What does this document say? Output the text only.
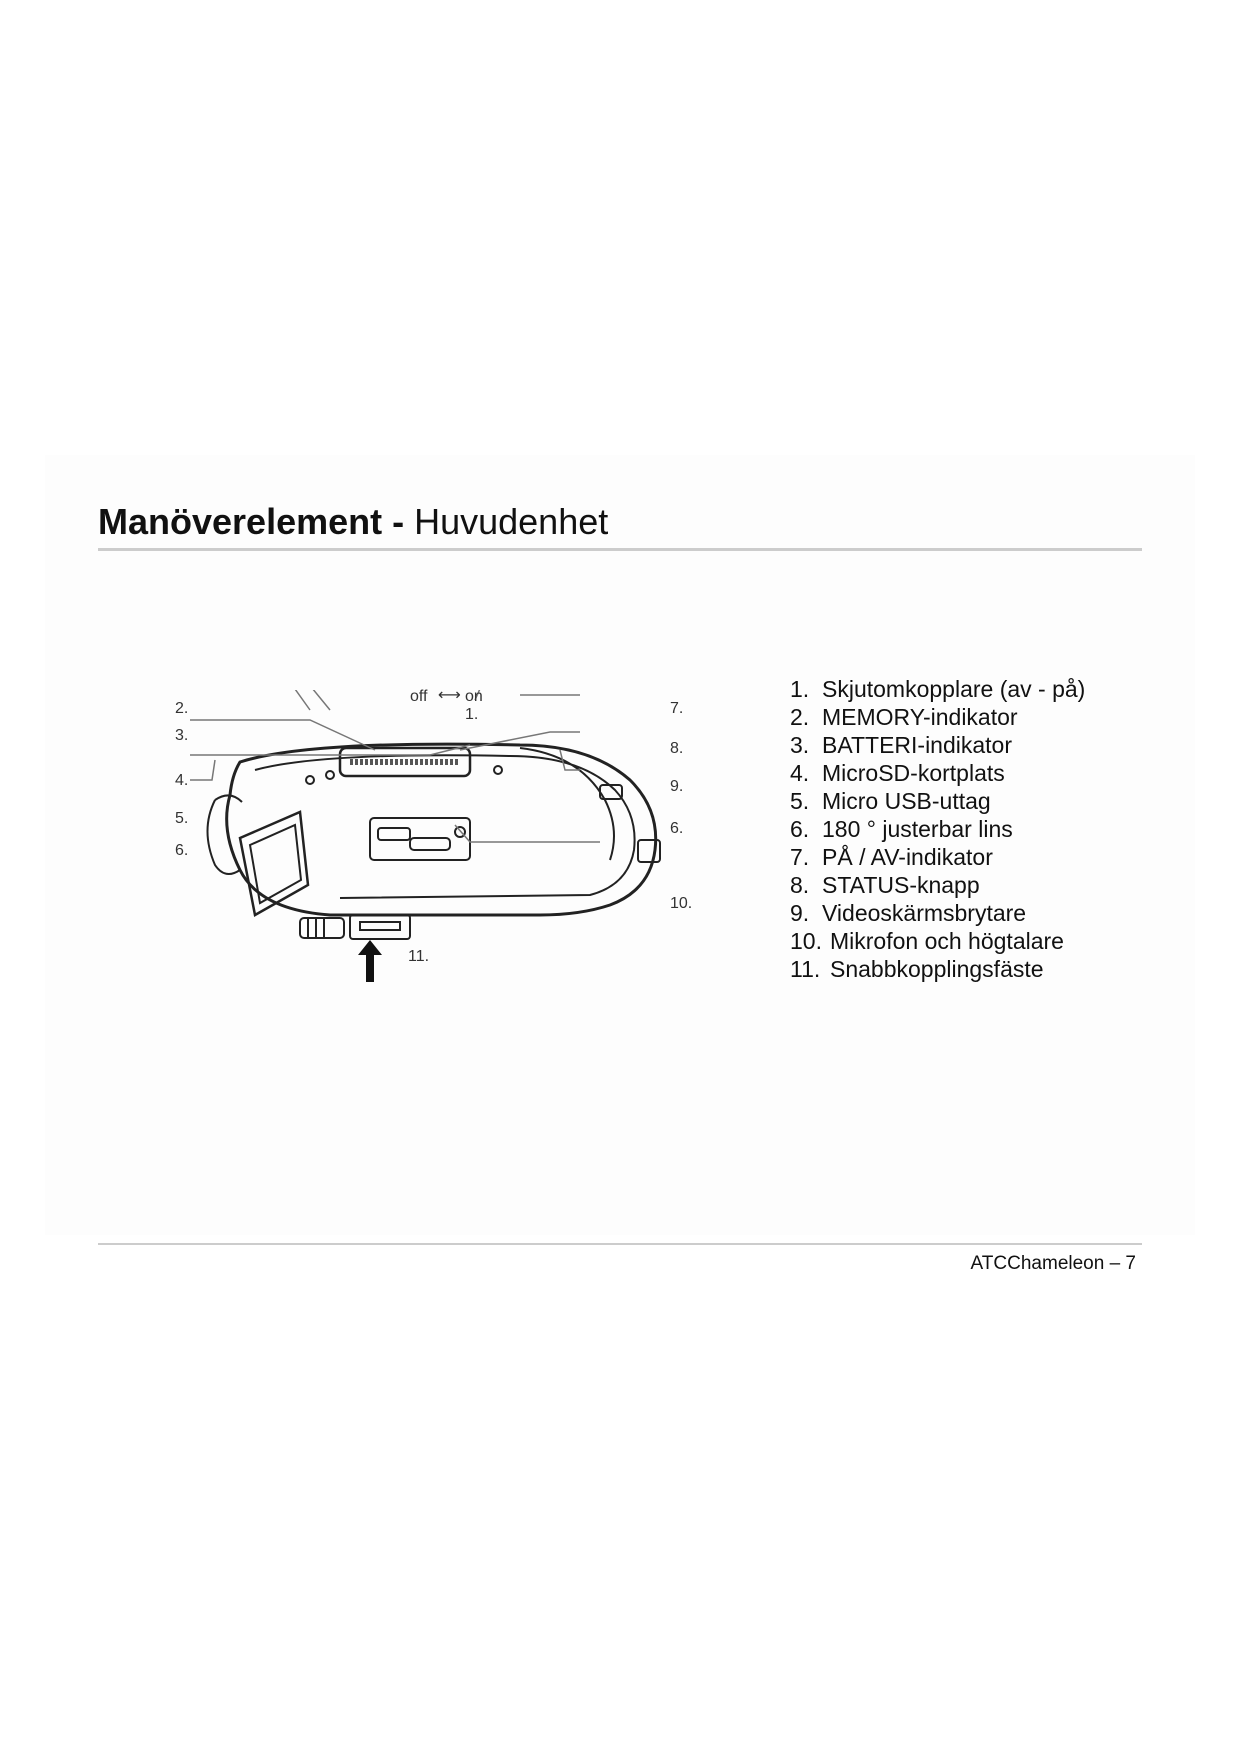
Manöverelement - Huvudenhet
off ⟷ on
1.
2.
3.
4.
5.
6.
7.
8.
9.
6.
10.
11.
1. Skjutomkopplare (av - på)
2. MEMORY-indikator
3. BATTERI-indikator
4. MicroSD-kortplats
5. Micro USB-uttag
6. 180 ° justerbar lins
7. PÅ / AV-indikator
8. STATUS-knapp
9. Videoskärmsbrytare
10. Mikrofon och högtalare
11. Snabbkopplingsfäste
ATCChameleon – 7
